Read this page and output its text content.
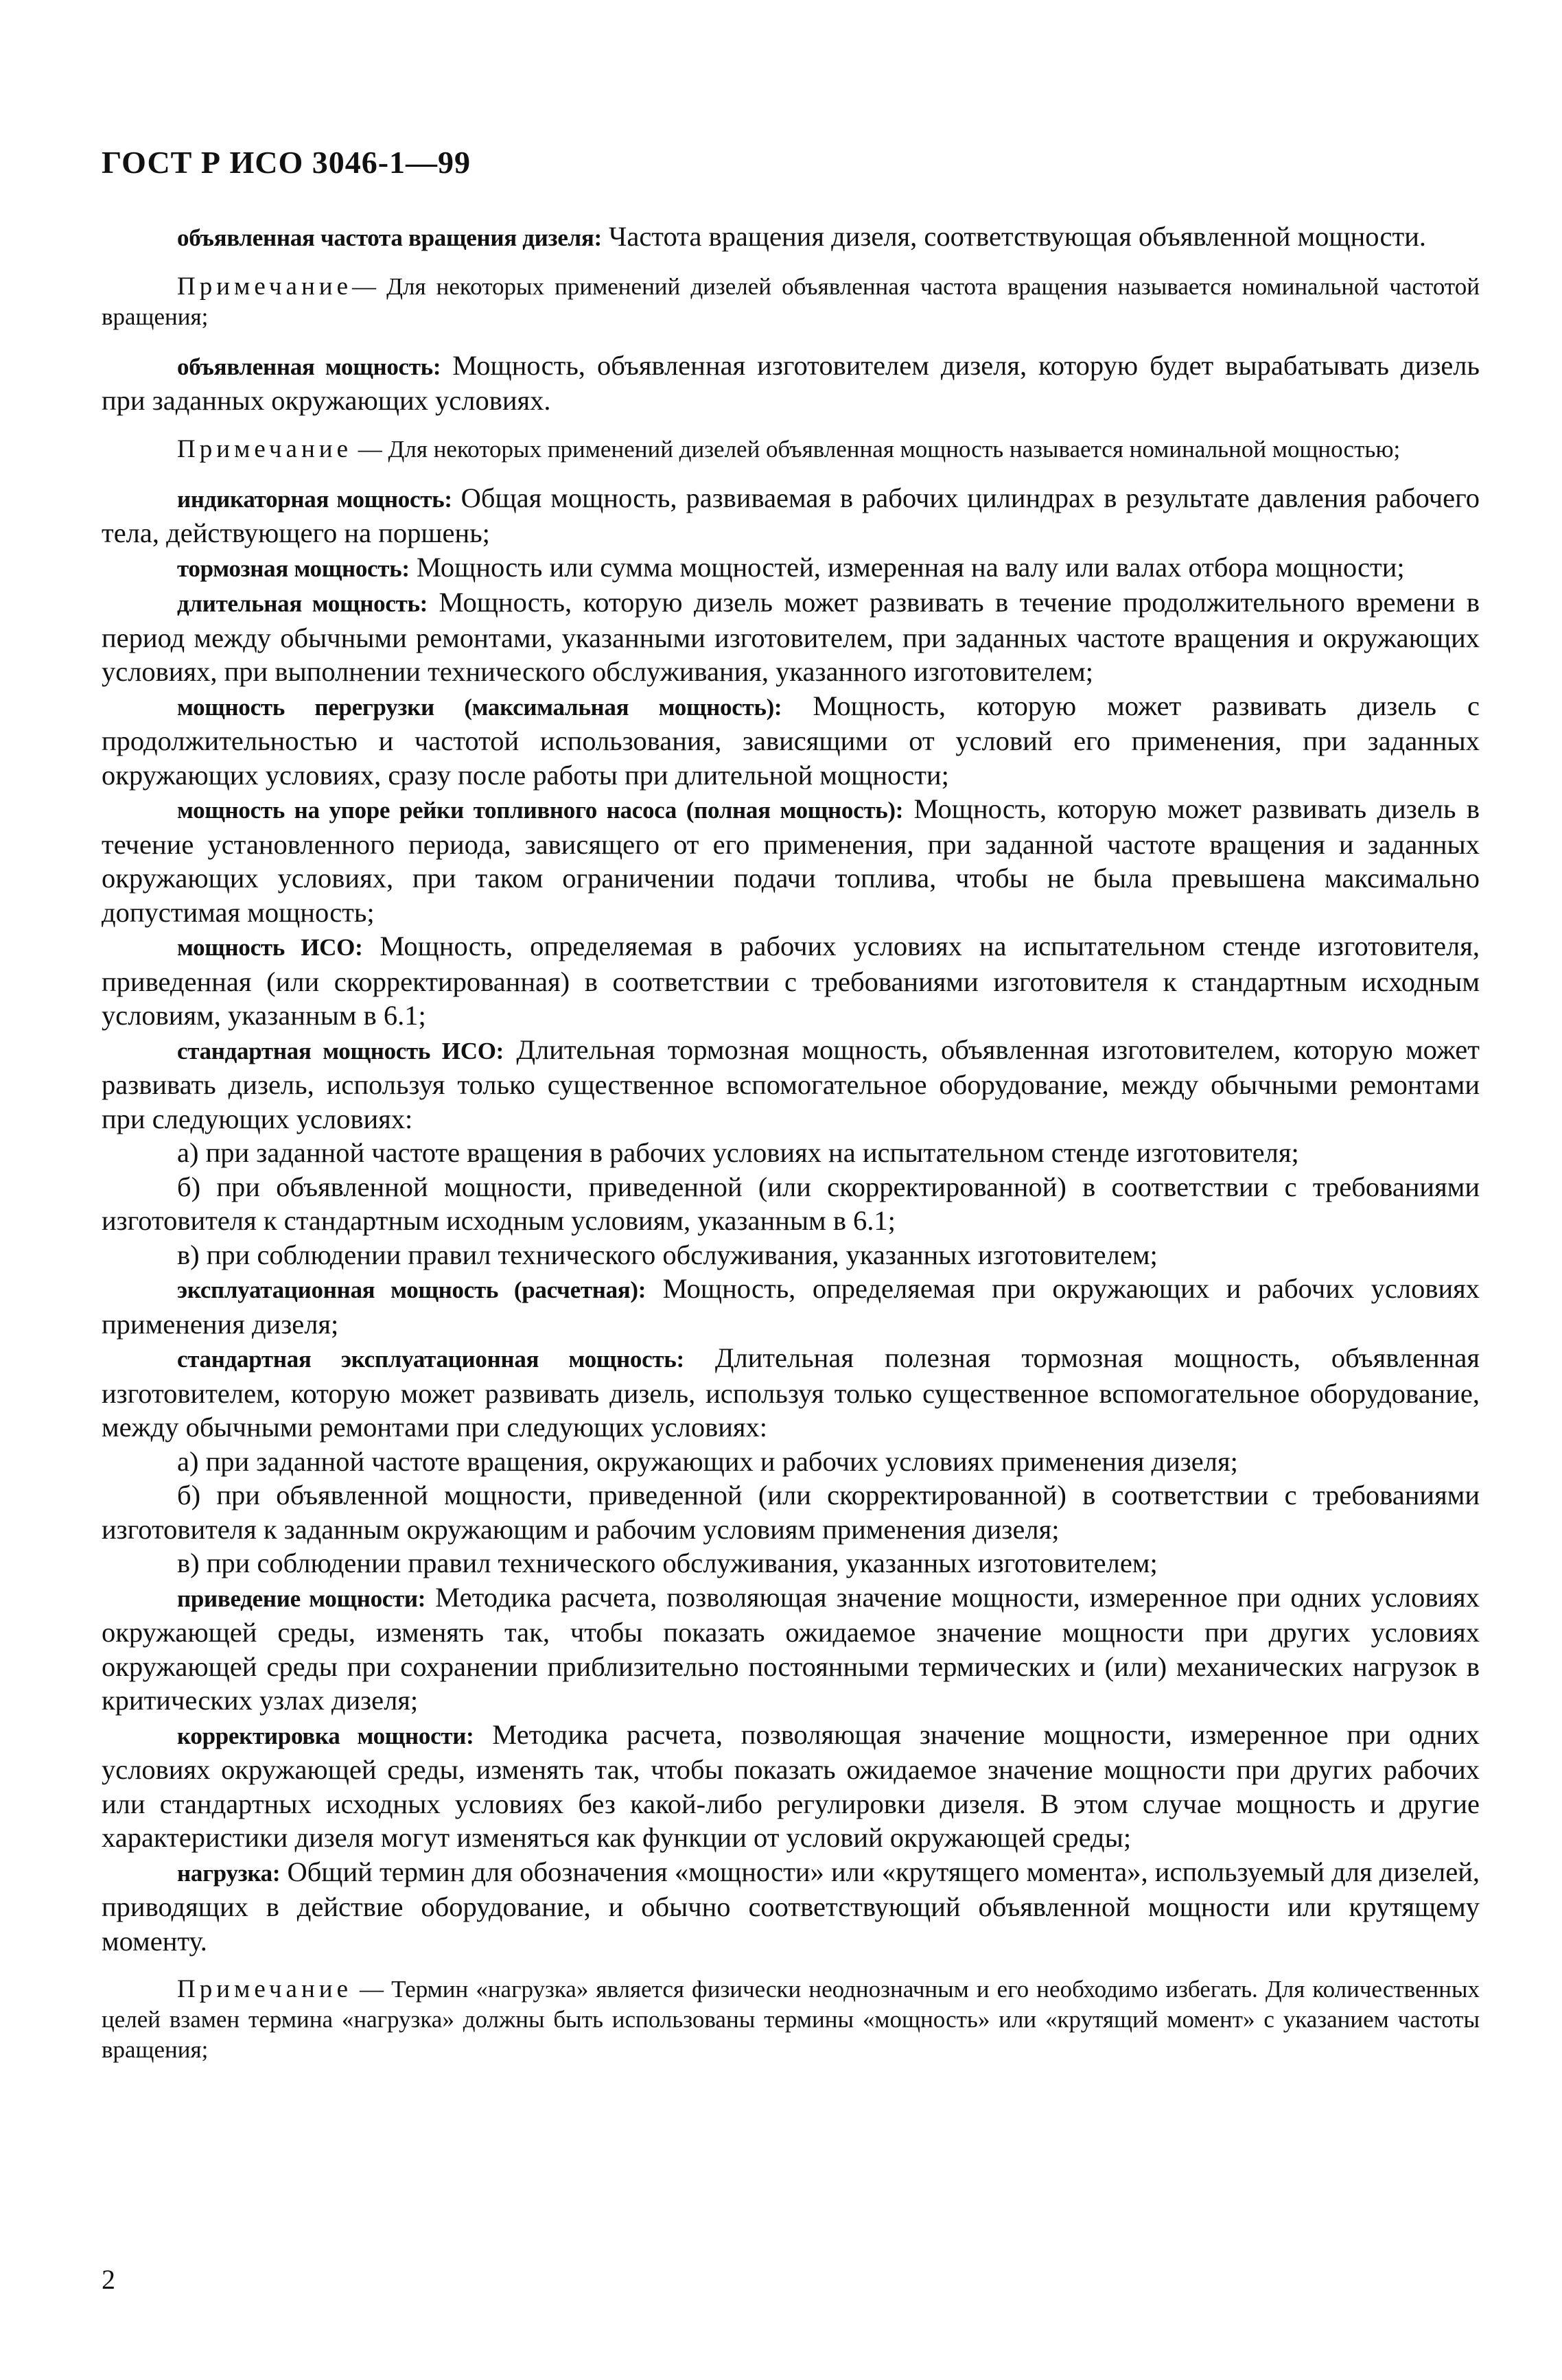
ГОСТ Р ИСО 3046-1—99

объявленная частота вращения дизеля: Частота вращения дизеля, соответствующая объявленной мощности.

Примечание— Для некоторых применений дизелей объявленная частота вращения называется номинальной частотой вращения;

объявленная мощность: Мощность, объявленная изготовителем дизеля, которую будет вырабатывать дизель при заданных окружающих условиях.

Примечание — Для некоторых применений дизелей объявленная мощность называется номинальной мощностью;

индикаторная мощность: Общая мощность, развиваемая в рабочих цилиндрах в результате давления рабочего тела, действующего на поршень;

тормозная мощность: Мощность или сумма мощностей, измеренная на валу или валах отбора мощности;

длительная мощность: Мощность, которую дизель может развивать в течение продолжительного времени в период между обычными ремонтами, указанными изготовителем, при заданных частоте вращения и окружающих условиях, при выполнении технического обслуживания, указанного изготовителем;

мощность перегрузки (максимальная мощность): Мощность, которую может развивать дизель с продолжительностью и частотой использования, зависящими от условий его применения, при заданных окружающих условиях, сразу после работы при длительной мощности;

мощность на упоре рейки топливного насоса (полная мощность): Мощность, которую может развивать дизель в течение установленного периода, зависящего от его применения, при заданной частоте вращения и заданных окружающих условиях, при таком ограничении подачи топлива, чтобы не была превышена максимально допустимая мощность;

мощность ИСО: Мощность, определяемая в рабочих условиях на испытательном стенде изготовителя, приведенная (или скорректированная) в соответствии с требованиями изготовителя к стандартным исходным условиям, указанным в 6.1;

стандартная мощность ИСО: Длительная тормозная мощность, объявленная изготовителем, которую может развивать дизель, используя только существенное вспомогательное оборудование, между обычными ремонтами при следующих условиях:

а) при заданной частоте вращения в рабочих условиях на испытательном стенде изготовителя;

б) при объявленной мощности, приведенной (или скорректированной) в соответствии с требованиями изготовителя к стандартным исходным условиям, указанным в 6.1;

в) при соблюдении правил технического обслуживания, указанных изготовителем;

эксплуатационная мощность (расчетная): Мощность, определяемая при окружающих и рабочих условиях применения дизеля;

стандартная эксплуатационная мощность: Длительная полезная тормозная мощность, объявленная изготовителем, которую может развивать дизель, используя только существенное вспомогательное оборудование, между обычными ремонтами при следующих условиях:

а) при заданной частоте вращения, окружающих и рабочих условиях применения дизеля;

б) при объявленной мощности, приведенной (или скорректированной) в соответствии с требованиями изготовителя к заданным окружающим и рабочим условиям применения дизеля;

в) при соблюдении правил технического обслуживания, указанных изготовителем;

приведение мощности: Методика расчета, позволяющая значение мощности, измеренное при одних условиях окружающей среды, изменять так, чтобы показать ожидаемое значение мощности при других условиях окружающей среды при сохранении приблизительно постоянными термических и (или) механических нагрузок в критических узлах дизеля;

корректировка мощности: Методика расчета, позволяющая значение мощности, измеренное при одних условиях окружающей среды, изменять так, чтобы показать ожидаемое значение мощности при других рабочих или стандартных исходных условиях без какой-либо регулировки дизеля. В этом случае мощность и другие характеристики дизеля могут изменяться как функции от условий окружающей среды;

нагрузка: Общий термин для обозначения «мощности» или «крутящего момента», используемый для дизелей, приводящих в действие оборудование, и обычно соответствующий объявленной мощности или крутящему моменту.

Примечание — Термин «нагрузка» является физически неоднозначным и его необходимо избегать. Для количественных целей взамен термина «нагрузка» должны быть использованы термины «мощность» или «крутящий момент» с указанием частоты вращения;

2
